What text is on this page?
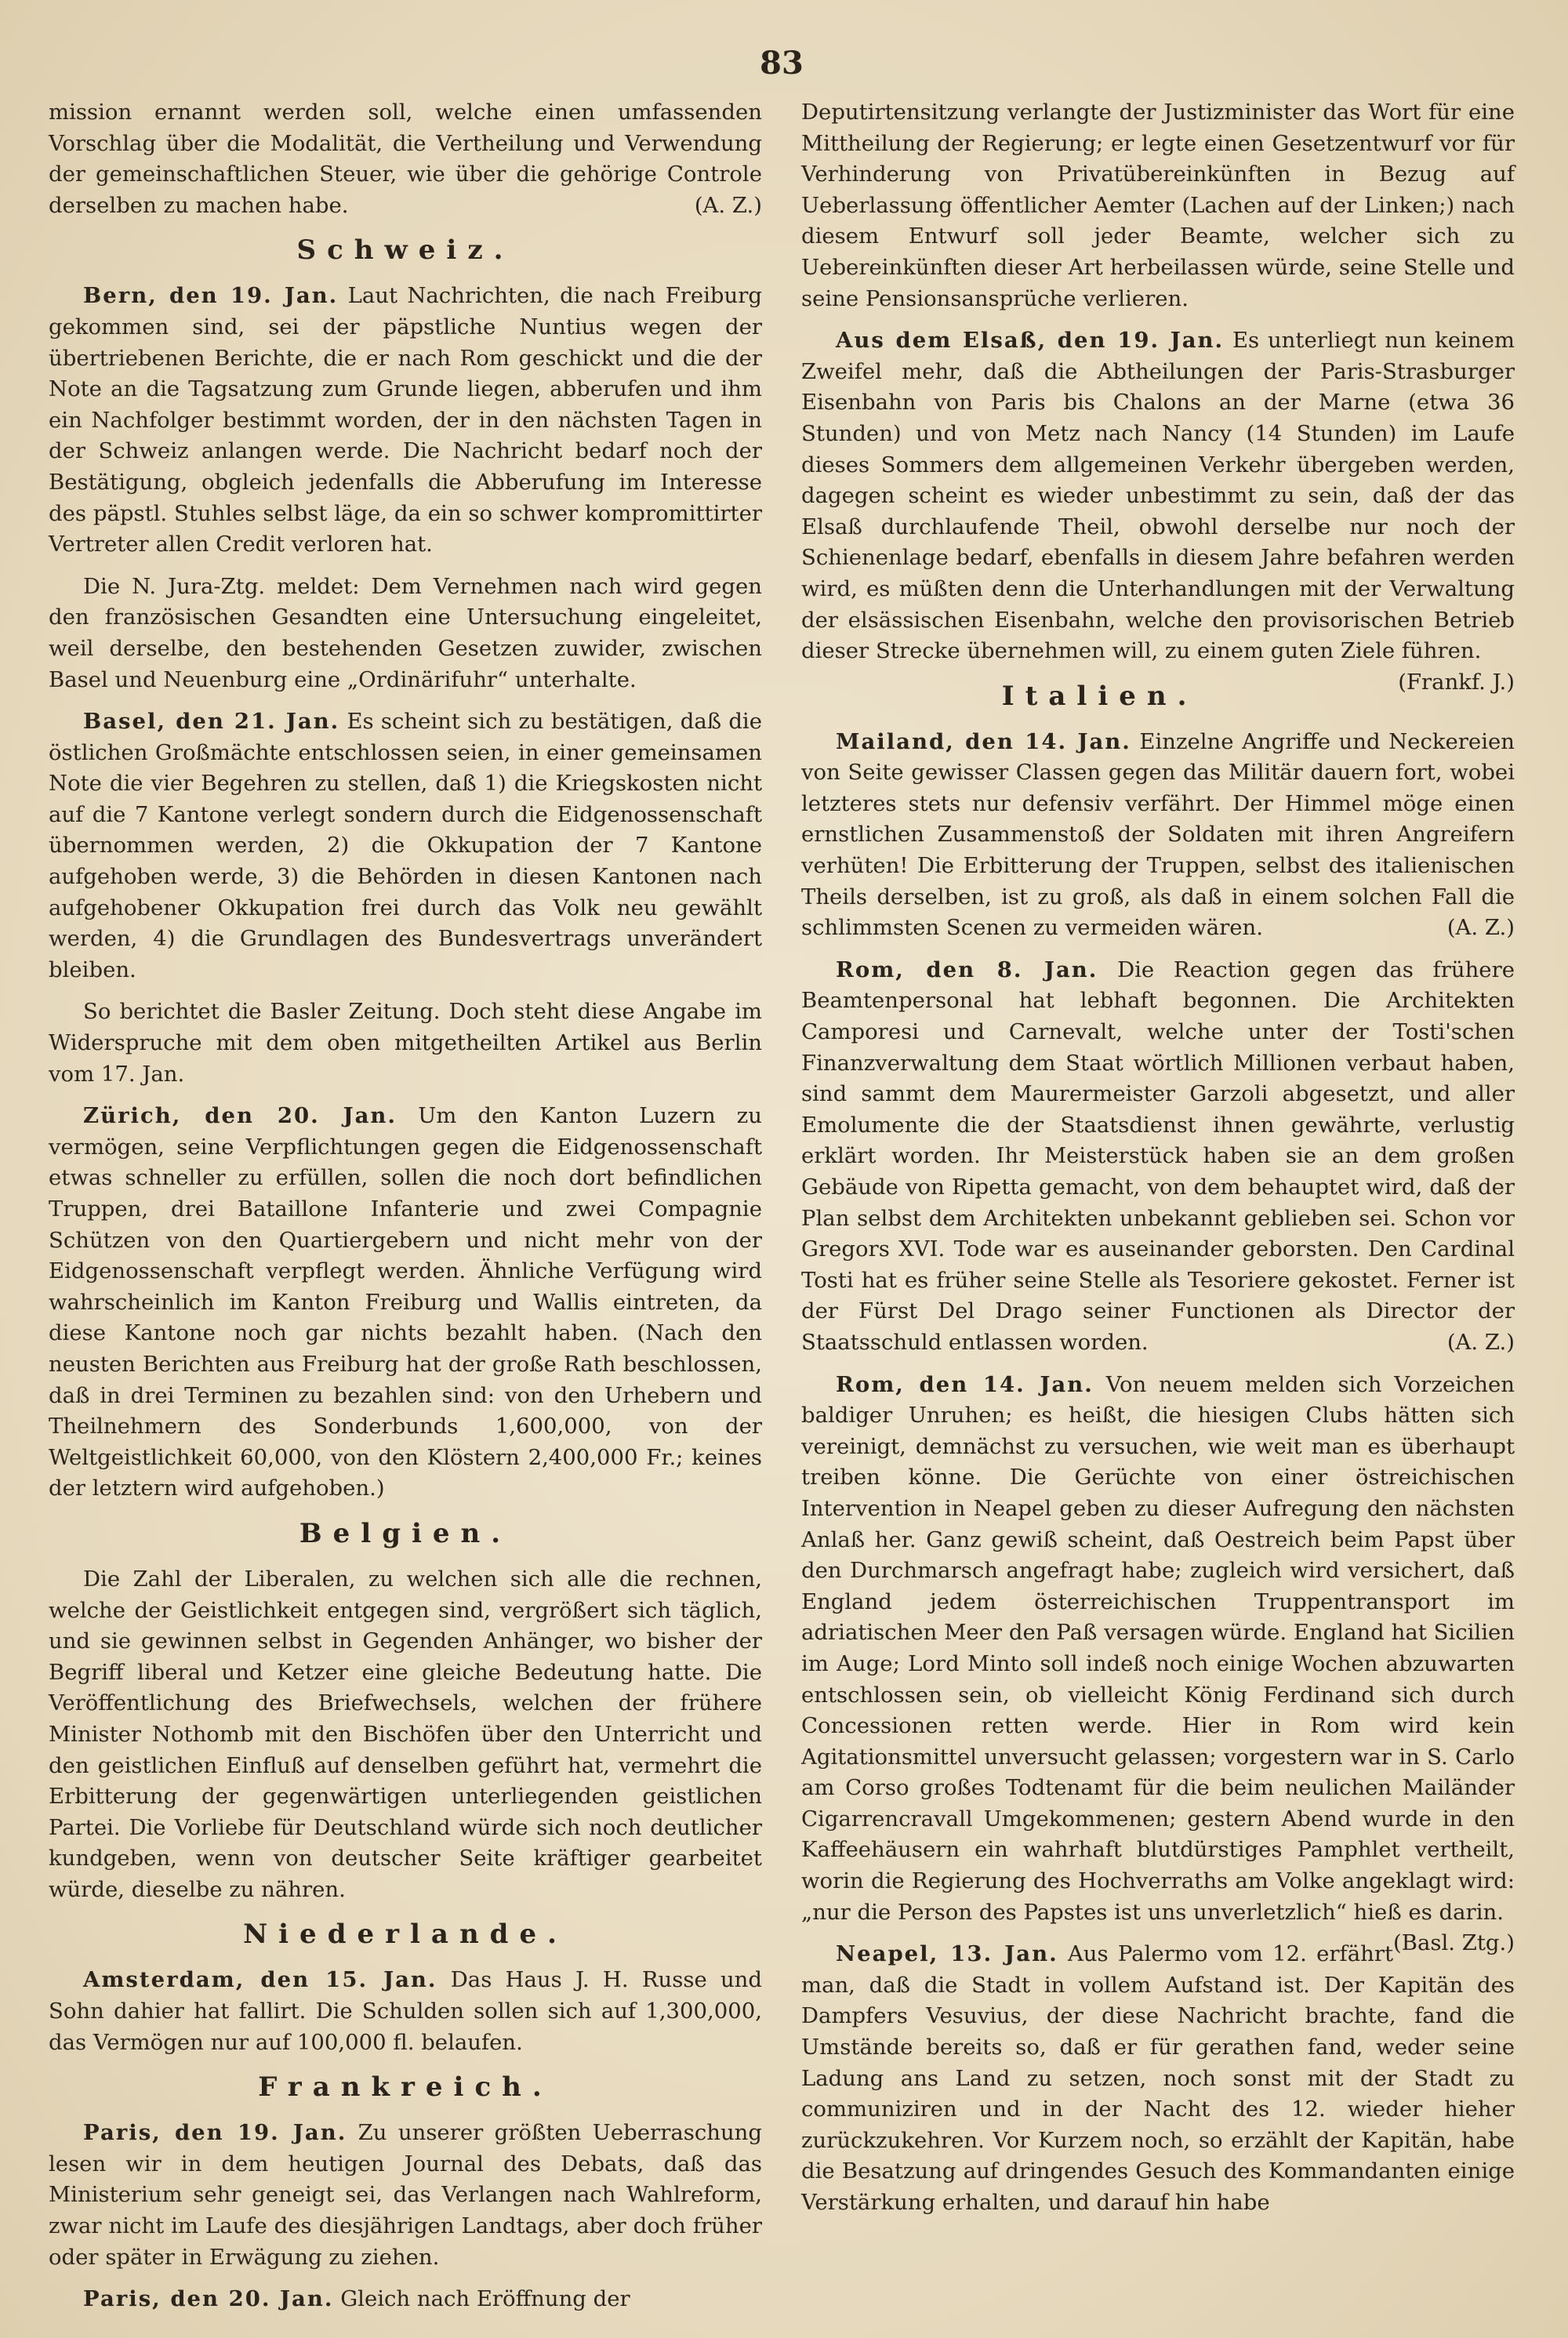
83

mission ernannt werden soll, welche einen umfassenden Vorschlag über die Modalität, die Vertheilung und Verwendung der gemeinschaftlichen Steuer, wie über die gehörige Controle derselben zu machen habe.	(A. Z.)

Schweiz.

Bern, den 19. Jan. Laut Nachrichten, die nach Freiburg gekommen sind, sei der päpstliche Nuntius wegen der übertriebenen Berichte, die er nach Rom geschickt und die der Note an die Tagsatzung zum Grunde liegen, abberufen und ihm ein Nachfolger bestimmt worden, der in den nächsten Tagen in der Schweiz anlangen werde. Die Nachricht bedarf noch der Bestätigung, obgleich jedenfalls die Abberufung im Interesse des päpstl. Stuhles selbst läge, da ein so schwer kompromittirter Vertreter allen Credit verloren hat.

Die N. Jura-Ztg. meldet: Dem Vernehmen nach wird gegen den französischen Gesandten eine Untersuchung eingeleitet, weil derselbe, den bestehenden Gesetzen zuwider, zwischen Basel und Neuenburg eine „Ordinärifuhr“ unterhalte.

Basel, den 21. Jan. Es scheint sich zu bestätigen, daß die östlichen Großmächte entschlossen seien, in einer gemeinsamen Note die vier Begehren zu stellen, daß 1) die Kriegskosten nicht auf die 7 Kantone verlegt sondern durch die Eidgenossenschaft übernommen werden, 2) die Okkupation der 7 Kantone aufgehoben werde, 3) die Behörden in diesen Kantonen nach aufgehobener Okkupation frei durch das Volk neu gewählt werden, 4) die Grundlagen des Bundesvertrags unverändert bleiben.

So berichtet die Basler Zeitung. Doch steht diese Angabe im Widerspruche mit dem oben mitgetheilten Artikel aus Berlin vom 17. Jan.

Zürich, den 20. Jan. Um den Kanton Luzern zu vermögen, seine Verpflichtungen gegen die Eidgenossenschaft etwas schneller zu erfüllen, sollen die noch dort befindlichen Truppen, drei Bataillone Infanterie und zwei Compagnie Schützen von den Quartiergebern und nicht mehr von der Eidgenossenschaft verpflegt werden. Ähnliche Verfügung wird wahrscheinlich im Kanton Freiburg und Wallis eintreten, da diese Kantone noch gar nichts bezahlt haben. (Nach den neusten Berichten aus Freiburg hat der große Rath beschlossen, daß in drei Terminen zu bezahlen sind: von den Urhebern und Theilnehmern des Sonderbunds 1,600,000, von der Weltgeistlichkeit 60,000, von den Klöstern 2,400,000 Fr.; keines der letztern wird aufgehoben.)

Belgien.

Die Zahl der Liberalen, zu welchen sich alle die rechnen, welche der Geistlichkeit entgegen sind, vergrößert sich täglich, und sie gewinnen selbst in Gegenden Anhänger, wo bisher der Begriff liberal und Ketzer eine gleiche Bedeutung hatte. Die Veröffentlichung des Briefwechsels, welchen der frühere Minister Nothomb mit den Bischöfen über den Unterricht und den geistlichen Einfluß auf denselben geführt hat, vermehrt die Erbitterung der gegenwärtigen unterliegenden geistlichen Partei. Die Vorliebe für Deutschland würde sich noch deutlicher kundgeben, wenn von deutscher Seite kräftiger gearbeitet würde, dieselbe zu nähren.

Niederlande.

Amsterdam, den 15. Jan. Das Haus J. H. Russe und Sohn dahier hat fallirt. Die Schulden sollen sich auf 1,300,000, das Vermögen nur auf 100,000 fl. belaufen.

Frankreich.

Paris, den 19. Jan. Zu unserer größten Ueberraschung lesen wir in dem heutigen Journal des Debats, daß das Ministerium sehr geneigt sei, das Verlangen nach Wahlreform, zwar nicht im Laufe des diesjährigen Landtags, aber doch früher oder später in Erwägung zu ziehen.

Paris, den 20. Jan. Gleich nach Eröffnung der

Deputirtensitzung verlangte der Justizminister das Wort für eine Mittheilung der Regierung; er legte einen Gesetzentwurf vor für Verhinderung von Privatübereinkünften in Bezug auf Ueberlassung öffentlicher Aemter (Lachen auf der Linken;) nach diesem Entwurf soll jeder Beamte, welcher sich zu Uebereinkünften dieser Art herbeilassen würde, seine Stelle und seine Pensionsansprüche verlieren.

Aus dem Elsaß, den 19. Jan. Es unterliegt nun keinem Zweifel mehr, daß die Abtheilungen der Paris-Strasburger Eisenbahn von Paris bis Chalons an der Marne (etwa 36 Stunden) und von Metz nach Nancy (14 Stunden) im Laufe dieses Sommers dem allgemeinen Verkehr übergeben werden, dagegen scheint es wieder unbestimmt zu sein, daß der das Elsaß durchlaufende Theil, obwohl derselbe nur noch der Schienenlage bedarf, ebenfalls in diesem Jahre befahren werden wird, es müßten denn die Unterhandlungen mit der Verwaltung der elsässischen Eisenbahn, welche den provisorischen Betrieb dieser Strecke übernehmen will, zu einem guten Ziele führen.
(Frankf. J.)

Italien.

Mailand, den 14. Jan. Einzelne Angriffe und Neckereien von Seite gewisser Classen gegen das Militär dauern fort, wobei letzteres stets nur defensiv verfährt. Der Himmel möge einen ernstlichen Zusammenstoß der Soldaten mit ihren Angreifern verhüten! Die Erbitterung der Truppen, selbst des italienischen Theils derselben, ist zu groß, als daß in einem solchen Fall die schlimmsten Scenen zu vermeiden wären.	(A. Z.)

Rom, den 8. Jan. Die Reaction gegen das frühere Beamtenpersonal hat lebhaft begonnen. Die Architekten Camporesi und Carnevalt, welche unter der Tosti'schen Finanzverwaltung dem Staat wörtlich Millionen verbaut haben, sind sammt dem Maurermeister Garzoli abgesetzt, und aller Emolumente die der Staatsdienst ihnen gewährte, verlustig erklärt worden. Ihr Meisterstück haben sie an dem großen Gebäude von Ripetta gemacht, von dem behauptet wird, daß der Plan selbst dem Architekten unbekannt geblieben sei. Schon vor Gregors XVI. Tode war es auseinander geborsten. Den Cardinal Tosti hat es früher seine Stelle als Tesoriere gekostet. Ferner ist der Fürst Del Drago seiner Functionen als Director der Staatsschuld entlassen worden.	(A. Z.)

Rom, den 14. Jan. Von neuem melden sich Vorzeichen baldiger Unruhen; es heißt, die hiesigen Clubs hätten sich vereinigt, demnächst zu versuchen, wie weit man es überhaupt treiben könne. Die Gerüchte von einer östreichischen Intervention in Neapel geben zu dieser Aufregung den nächsten Anlaß her. Ganz gewiß scheint, daß Oestreich beim Papst über den Durchmarsch angefragt habe; zugleich wird versichert, daß England jedem österreichischen Truppentransport im adriatischen Meer den Paß versagen würde. England hat Sicilien im Auge; Lord Minto soll indeß noch einige Wochen abzuwarten entschlossen sein, ob vielleicht König Ferdinand sich durch Concessionen retten werde. Hier in Rom wird kein Agitationsmittel unversucht gelassen; vorgestern war in S. Carlo am Corso großes Todtenamt für die beim neulichen Mailänder Cigarrencravall Umgekommenen; gestern Abend wurde in den Kaffeehäusern ein wahrhaft blutdürstiges Pamphlet vertheilt, worin die Regierung des Hochverraths am Volke angeklagt wird: „nur die Person des Papstes ist uns unverletzlich“ hieß es darin.
(Basl. Ztg.)

Neapel, 13. Jan. Aus Palermo vom 12. erfährt man, daß die Stadt in vollem Aufstand ist. Der Kapitän des Dampfers Vesuvius, der diese Nachricht brachte, fand die Umstände bereits so, daß er für gerathen fand, weder seine Ladung ans Land zu setzen, noch sonst mit der Stadt zu communiziren und in der Nacht des 12. wieder hieher zurückzukehren. Vor Kurzem noch, so erzählt der Kapitän, habe die Besatzung auf dringendes Gesuch des Kommandanten einige Verstärkung erhalten, und darauf hin habe
